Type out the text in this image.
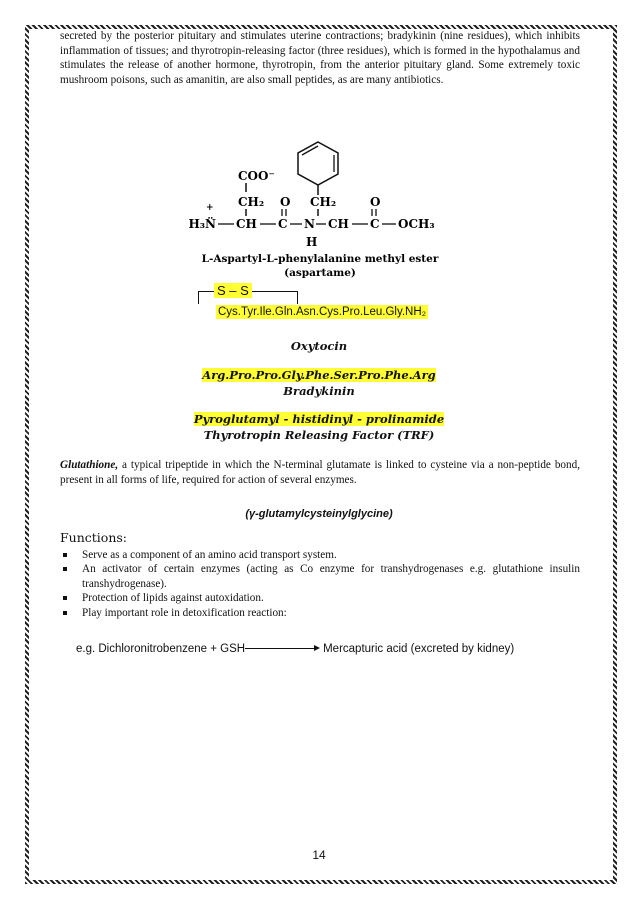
secreted by the posterior pituitary and stimulates uterine contractions; bradykinin (nine residues), which inhibits inflammation of tissues; and thyrotropin-releasing factor (three residues), which is formed in the hypothalamus and stimulates the release of another hormone, thyrotropin, from the anterior pituitary gland. Some extremely toxic mushroom poisons, such as amanitin, are also small peptides, as are many antibiotics.

COO⁻
CH₂ O CH₂	O
H₃N̈
+
CH C N CH C OCH₃
H
L-Aspartyl-L-phenylalanine methyl ester
(aspartame)
S – S
Cys.Tyr.Ile.Gln.Asn.Cys.Pro.Leu.Gly.NH₂
Oxytocin
Arg.Pro.Pro.Gly.Phe.Ser.Pro.Phe.Arg
Bradykinin
Pyroglutamyl - histidinyl - prolinamide
Thyrotropin Releasing Factor (TRF)

Glutathione, a typical tripeptide in which the N-terminal glutamate is linked to cysteine via a non-peptide bond, present in all forms of life, required for action of several enzymes.

(γ-glutamylcysteinylglycine)
Functions:
Serve as a component of an amino acid transport system.
An activator of certain enzymes (acting as Co enzyme for transhydrogenases e.g. glutathione insulin transhydrogenase).
Protection of lipids against autoxidation.
Play important role in detoxification reaction:
e.g. Dichloronitrobenzene + GSH	Mercapturic acid (excreted by kidney)
14
